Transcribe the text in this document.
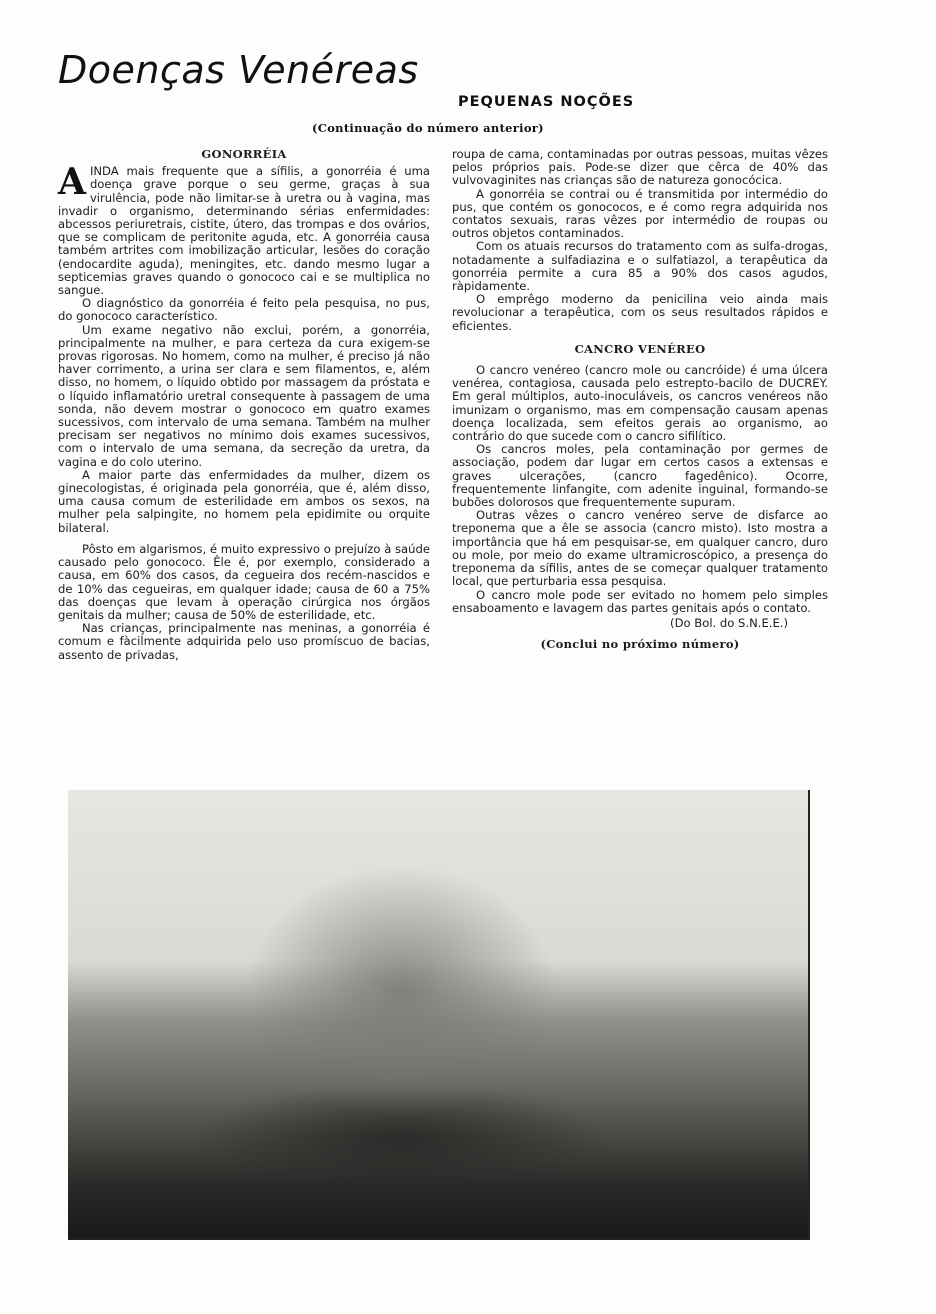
Doenças Venéreas
PEQUENAS NOÇÕES
(Continuação do número anterior)
GONORRÉIA

AINDA mais frequente que a sífilis, a gonorréia é uma doença grave porque o seu germe, graças à sua virulência, pode não limitar-se à uretra ou à vagina, mas invadir o organismo, determinando sérias enfermidades: abcessos periuretrais, cistite, útero, das trompas e dos ovários, que se complicam de peritonite aguda, etc. A gonorréia causa também artrites com imobilização articular, lesões do coração (endocardite aguda), meningites, etc. dando mesmo lugar a septicemias graves quando o gonococo cai e se multiplica no sangue.

O diagnóstico da gonorréia é feito pela pesquisa, no pus, do gonococo característico.

Um exame negativo não exclui, porém, a gonorréia, principalmente na mulher, e para certeza da cura exigem-se provas rigorosas. No homem, como na mulher, é preciso já não haver corrimento, a urina ser clara e sem filamentos, e, além disso, no homem, o líquido obtido por massagem da próstata e o líquido inflamatório uretral consequente à passagem de uma sonda, não devem mostrar o gonococo em quatro exames sucessivos, com intervalo de uma semana. Também na mulher precisam ser negativos no mínimo dois exames sucessivos, com o intervalo de uma semana, da secreção da uretra, da vagina e do colo uterino.

A maior parte das enfermidades da mulher, dizem os ginecologistas, é originada pela gonorréia, que é, além disso, uma causa comum de esterilidade em ambos os sexos, na mulher pela salpingite, no homem pela epidimite ou orquite bilateral.

Pôsto em algarismos, é muito expressivo o prejuízo à saúde causado pelo gonococo. Êle é, por exemplo, considerado a causa, em 60% dos casos, da cegueira dos recém-nascidos e de 10% das cegueiras, em qualquer idade; causa de 60 a 75% das doenças que levam à operação cirúrgica nos órgãos genitais da mulher; causa de 50% de esterilidade, etc.

Nas crianças, principalmente nas meninas, a gonorréia é comum e fàcilmente adquirida pelo uso promíscuo de bacias, assento de privadas,

roupa de cama, contaminadas por outras pessoas, muitas vêzes pelos próprios pais. Pode-se dizer que cêrca de 40% das vulvovaginites nas crianças são de natureza gonocócica.

A gonorréia se contrai ou é transmitida por intermédio do pus, que contém os gonococos, e é como regra adquirida nos contatos sexuais, raras vêzes por intermédio de roupas ou outros objetos contaminados.

Com os atuais recursos do tratamento com as sulfa-drogas, notadamente a sulfadiazina e o sulfatiazol, a terapêutica da gonorréia permite a cura 85 a 90% dos casos agudos, ràpidamente.

O emprêgo moderno da penicilina veio ainda mais revolucionar a terapêutica, com os seus resultados rápidos e eficientes.

CANCRO VENÉREO

O cancro venéreo (cancro mole ou cancróide) é uma úlcera venérea, contagiosa, causada pelo estrepto-bacilo de DUCREY. Em geral múltiplos, auto-inoculáveis, os cancros venéreos não imunizam o organismo, mas em compensação causam apenas doença localizada, sem efeitos gerais ao organismo, ao contrário do que sucede com o cancro sifilítico.

Os cancros moles, pela contaminação por germes de associação, podem dar lugar em certos casos a extensas e graves ulcerações, (cancro fagedênico). Ocorre, frequentemente linfangite, com adenite inguinal, formando-se bubões dolorosos que frequentemente supuram.

Outras vêzes o cancro venéreo serve de disfarce ao treponema que a êle se associa (cancro misto). Isto mostra a importância que há em pesquisar-se, em qualquer cancro, duro ou mole, por meio do exame ultramicroscópico, a presença do treponema da sífilis, antes de se começar qualquer tratamento local, que perturbaria essa pesquisa.

O cancro mole pode ser evitado no homem pelo simples ensaboamento e lavagem das partes genitais após o contato.

(Do Bol. do S.N.E.E.)

(Conclui no próximo número)
